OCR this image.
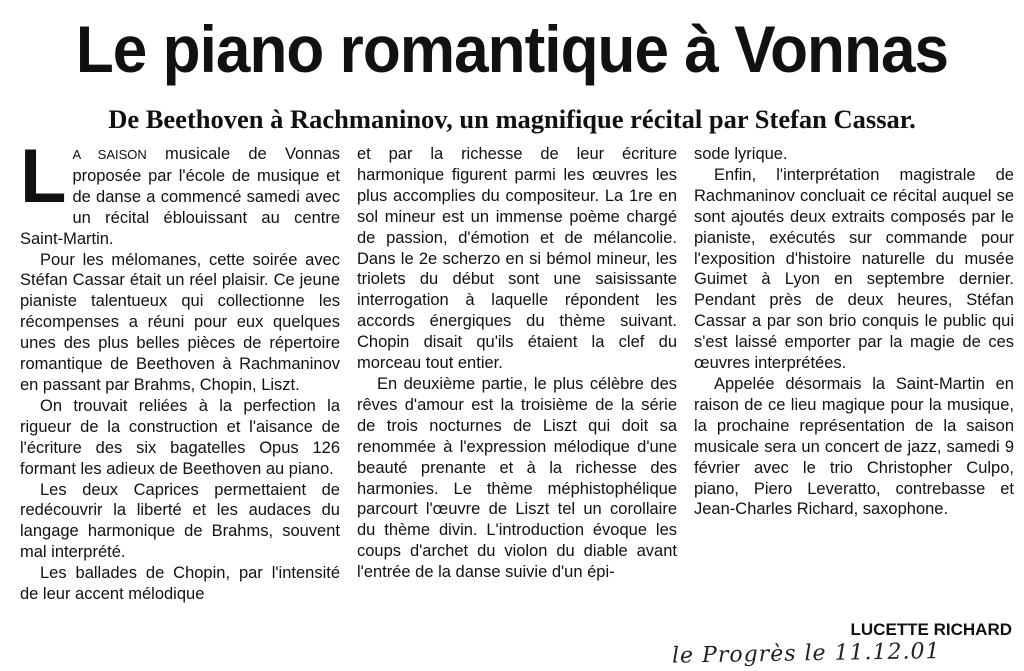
Le piano romantique à Vonnas
De Beethoven à Rachmaninov, un magnifique récital par Stefan Cassar.

LA SAISON musicale de Vonnas proposée par l'école de musique et de danse a commencé samedi avec un récital éblouissant au centre Saint-Martin.

Pour les mélomanes, cette soirée avec Stéfan Cassar était un réel plaisir. Ce jeune pianiste talentueux qui collectionne les récompenses a réuni pour eux quelques unes des plus belles pièces de répertoire romantique de Beethoven à Rachmaninov en passant par Brahms, Chopin, Liszt.

On trouvait reliées à la perfection la rigueur de la construction et l'aisance de l'écriture des six bagatelles Opus 126 formant les adieux de Beethoven au piano.

Les deux Caprices permettaient de redécouvrir la liberté et les audaces du langage harmonique de Brahms, souvent mal interprété.

Les ballades de Chopin, par l'intensité de leur accent mélodique

et par la richesse de leur écriture harmonique figurent parmi les œuvres les plus accomplies du compositeur. La 1re en sol mineur est un immense poème chargé de passion, d'émotion et de mélancolie. Dans le 2e scherzo en si bémol mineur, les triolets du début sont une saisissante interrogation à laquelle répondent les accords énergiques du thème suivant. Chopin disait qu'ils étaient la clef du morceau tout entier.

En deuxième partie, le plus célèbre des rêves d'amour est la troisième de la série de trois nocturnes de Liszt qui doit sa renommée à l'expression mélodique d'une beauté prenante et à la richesse des harmonies. Le thème méphistophélique parcourt l'œuvre de Liszt tel un corollaire du thème divin. L'introduction évoque les coups d'archet du violon du diable avant l'entrée de la danse suivie d'un épi-

sode lyrique.

Enfin, l'interprétation magistrale de Rachmaninov concluait ce récital auquel se sont ajoutés deux extraits composés par le pianiste, exécutés sur commande pour l'exposition d'histoire naturelle du musée Guimet à Lyon en septembre dernier. Pendant près de deux heures, Stéfan Cassar a par son brio conquis le public qui s'est laissé emporter par la magie de ces œuvres interprétées.

Appelée désormais la Saint-Martin en raison de ce lieu magique pour la musique, la prochaine représentation de la saison musicale sera un concert de jazz, samedi 9 février avec le trio Christopher Culpo, piano, Piero Leveratto, contrebasse et Jean-Charles Richard, saxophone.

LUCETTE RICHARD
le Progrès le 11.12.01
